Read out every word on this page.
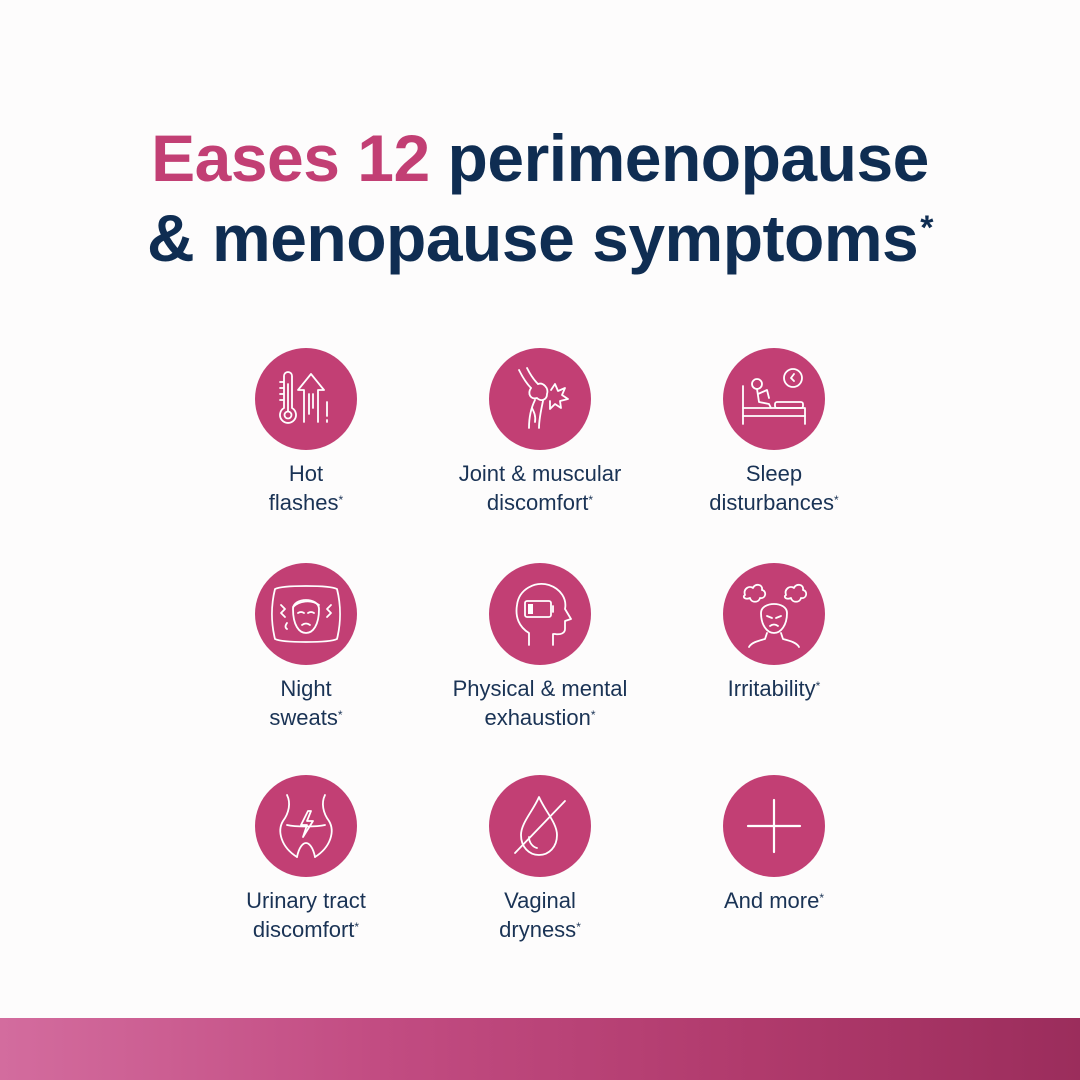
Eases 12 perimenopause
& menopause symptoms*
Hot
flashes*
Joint & muscular
discomfort*
Sleep
disturbances*
Night
sweats*
Physical & mental
exhaustion*
Irritability*
Urinary tract
discomfort*
Vaginal
dryness*
And more*
